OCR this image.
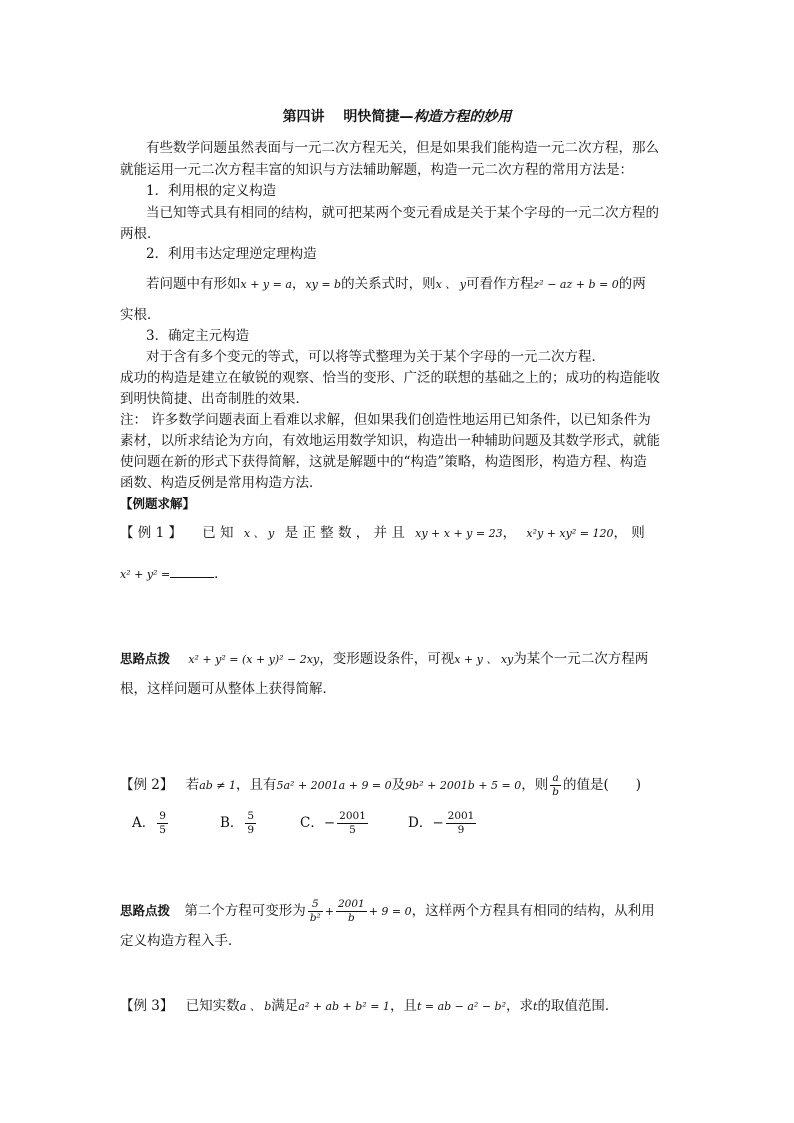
第四讲　 明快简捷—构造方程的妙用
有些数学问题虽然表面与一元二次方程无关，但是如果我们能构造一元二次方程，那么
就能运用一元二次方程丰富的知识与方法辅助解题，构造一元二次方程的常用方法是：
1．利用根的定义构造
当已知等式具有相同的结构，就可把某两个变元看成是关于某个字母的一元二次方程的
两根．
2．利用韦达定理逆定理构造
若问题中有形如x + y = a，xy = b的关系式时，则x 、 y可看作方程z² − az + b = 0的两
实根．
3．确定主元构造
对于含有多个变元的等式，可以将等式整理为关于某个字母的一元二次方程．
成功的构造是建立在敏锐的观察、恰当的变形、广泛的联想的基础之上的；成功的构造能收
到明快简捷、出奇制胜的效果．
注： 许多数学问题表面上看难以求解，但如果我们创造性地运用已知条件，以已知条件为
素材，以所求结论为方向，有效地运用数学知识，构造出一种辅助问题及其数学形式，就能
使问题在新的形式下获得简解，这就是解题中的“构造”策略，构造图形，构造方程、构造
函数、构造反例是常用构造方法．
【例题求解】
【 例 1 】 已 知 x 、 y 是 正 整 数 ， 并 且 xy + x + y = 23， x²y + xy² = 120， 则
x² + y² =	．
思路点拨 x² + y² = (x + y)² − 2xy，变形题设条件，可视x + y 、 xy为某个一元二次方程两
根，这样问题可从整体上获得简解．
【例 2】 若ab ≠ 1，且有5a² + 2001a + 9 = 0及9b² + 2001b + 5 = 0，则 $\frac{a}{b}$ 的值是(　　)
A． $\frac{9}{5}$	B． $\frac{5}{9}$	C．− $\frac{2001}{5}$	D．− $\frac{2001}{9}$
思路点拨 第二个方程可变形为 $\frac{5}{\text{b²}} + \frac{2001}{b} + 9 = 0$，这样两个方程具有相同的结构，从利用
定义构造方程入手．
【例 3】 已知实数a 、 b满足a² + ab + b² = 1，且t = ab − a² − b²，求t的取值范围．
